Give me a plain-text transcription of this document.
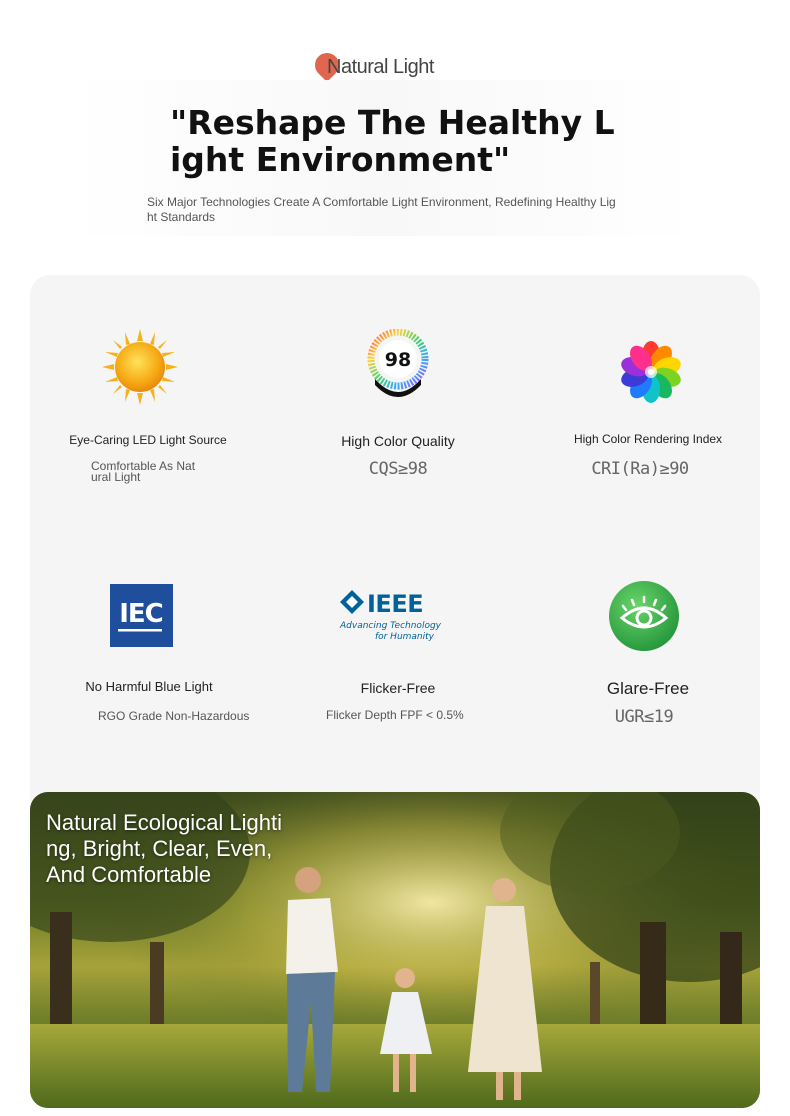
Natural Light
"Reshape The Healthy Light Environment"

Six Major Technologies Create A Comfortable Light Environment, Redefining Healthy Light Standards

Eye-Caring LED Light Source
Comfortable As Natural Light
98
High Color Quality
CQS≥98
High Color Rendering Index
CRI(Ra)≥90
IEC
No Harmful Blue Light
RGO Grade Non-Hazardous
IEEE
Advancing Technology
for Humanity
Flicker-Free
Flicker Depth FPF < 0.5%
Glare-Free
UGR≤19

Natural Ecological Lighting, Bright, Clear, Even, And Comfortable
